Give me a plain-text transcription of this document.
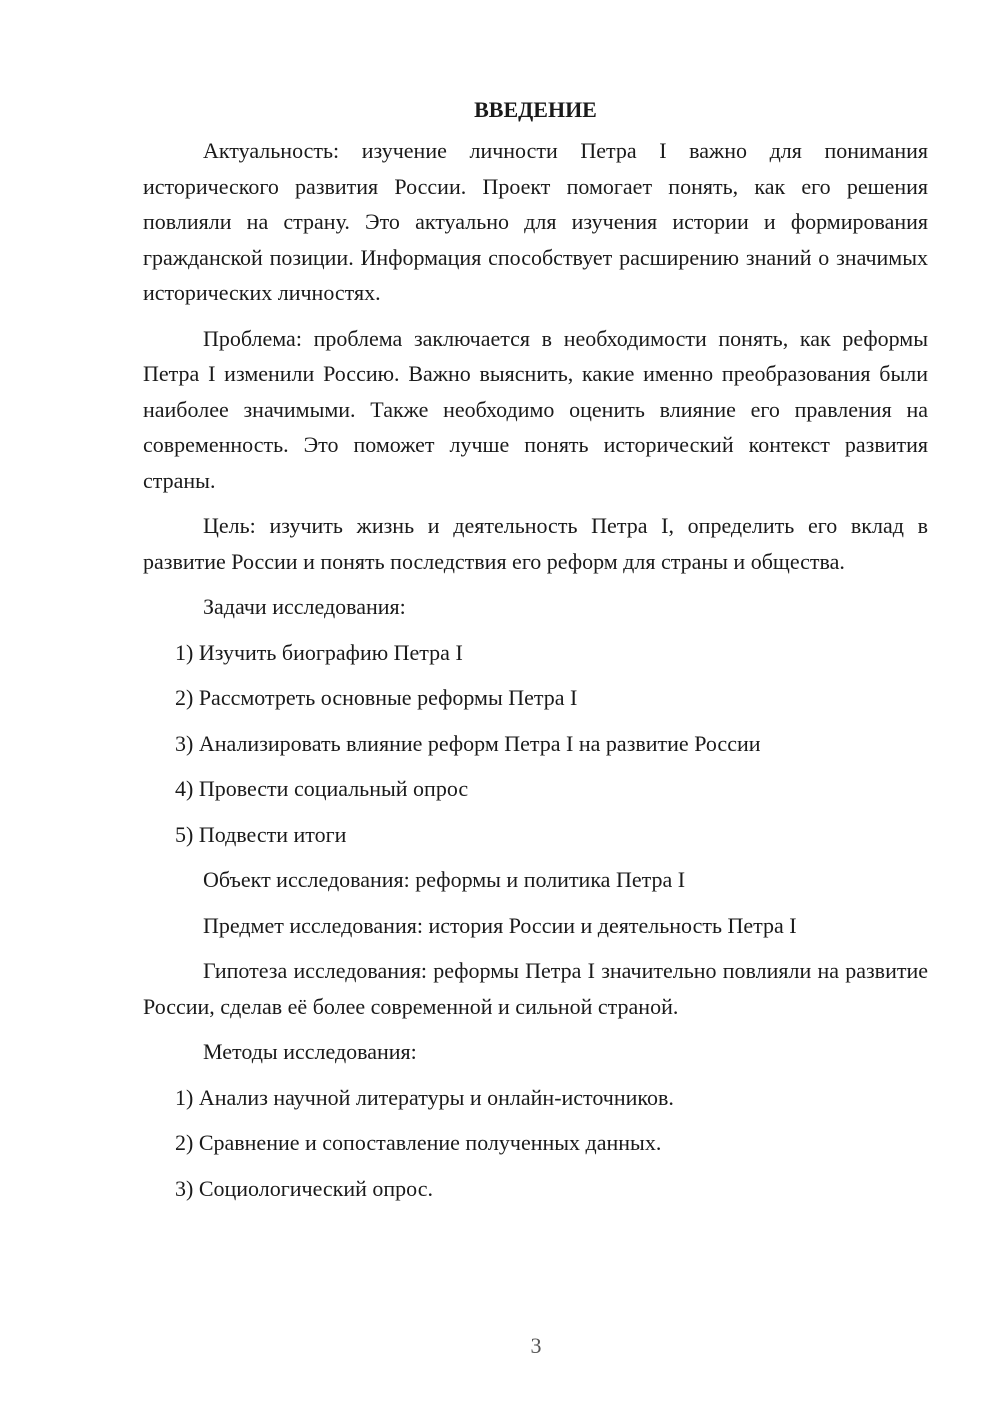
ВВЕДЕНИЕ

Актуальность: изучение личности Петра I важно для понимания исторического развития России. Проект помогает понять, как его решения повлияли на страну. Это актуально для изучения истории и формирования гражданской позиции. Информация способствует расширению знаний о значимых исторических личностях.

Проблема: проблема заключается в необходимости понять, как реформы Петра I изменили Россию. Важно выяснить, какие именно преобразования были наиболее значимыми. Также необходимо оценить влияние его правления на современность. Это поможет лучше понять исторический контекст развития страны.

Цель: изучить жизнь и деятельность Петра I, определить его вклад в развитие России и понять последствия его реформ для страны и общества.

Задачи исследования:
1) Изучить биографию Петра I
2) Рассмотреть основные реформы Петра I
3) Анализировать влияние реформ Петра I на развитие России
4) Провести социальный опрос
5) Подвести итоги
Объект исследования: реформы и политика Петра I
Предмет исследования: история России и деятельность Петра I

Гипотеза исследования: реформы Петра I значительно повлияли на развитие России, сделав её более современной и сильной страной.

Методы исследования:
1) Анализ научной литературы и онлайн-источников.
2) Сравнение и сопоставление полученных данных.
3) Социологический опрос.
3
